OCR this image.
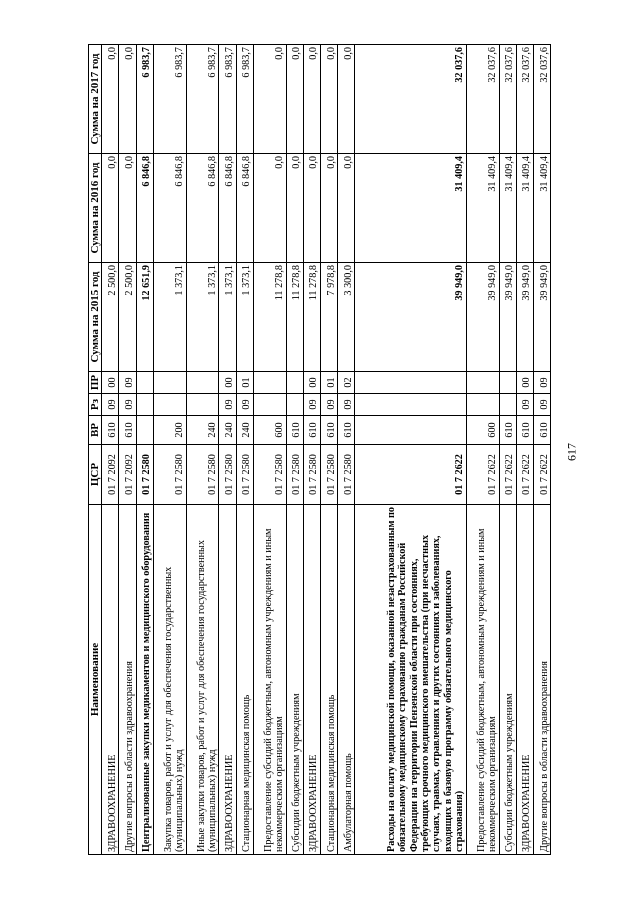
617
Наименование	ЦСР	ВР	Рз	ПР	Сумма на 2015 год	Сумма на 2016 год	Сумма на 2017 год
ЗДРАВООХРАНЕНИЕ	01 7 2092	610	09	00	2 500,0	0,0	0,0
Другие вопросы в области здравоохранения	01 7 2092	610	09	09	2 500,0	0,0	0,0
Централизованные закупки медикаментов и медицинского оборудования	01 7 2580				12 651,9	6 846,8	6 983,7
Закупка товаров, работ и услуг для обеспечения государственных (муниципальных) нужд	01 7 2580	200			1 373,1	6 846,8	6 983,7
Иные закупки товаров, работ и услуг для обеспечения государственных (муниципальных) нужд	01 7 2580	240			1 373,1	6 846,8	6 983,7
ЗДРАВООХРАНЕНИЕ	01 7 2580	240	09	00	1 373,1	6 846,8	6 983,7
Стационарная медицинская помощь	01 7 2580	240	09	01	1 373,1	6 846,8	6 983,7
Предоставление субсидий бюджетным, автономным учреждениям и иным некоммерческим организациям	01 7 2580	600			11 278,8	0,0	0,0
Субсидии бюджетным учреждениям	01 7 2580	610			11 278,8	0,0	0,0
ЗДРАВООХРАНЕНИЕ	01 7 2580	610	09	00	11 278,8	0,0	0,0
Стационарная медицинская помощь	01 7 2580	610	09	01	7 978,8	0,0	0,0
Амбулаторная помощь	01 7 2580	610	09	02	3 300,0	0,0	0,0
Расходы на оплату медицинской помощи, оказанной незастрахованным по обязательному медицинскому страхованию гражданам Российской Федерации на территории Пензенской области при состояниях, требующих срочного медицинского вмешательства (при несчастных случаях, травмах, отравлениях и других состояниях и заболеваниях, входящих в базовую программу обязательного медицинского страхования)	01 7 2622				39 949,0	31 409,4	32 037,6
Предоставление субсидий бюджетным, автономным учреждениям и иным некоммерческим организациям	01 7 2622	600			39 949,0	31 409,4	32 037,6
Субсидии бюджетным учреждениям	01 7 2622	610			39 949,0	31 409,4	32 037,6
ЗДРАВООХРАНЕНИЕ	01 7 2622	610	09	00	39 949,0	31 409,4	32 037,6
Другие вопросы в области здравоохранения	01 7 2622	610	09	09	39 949,0	31 409,4	32 037,6
